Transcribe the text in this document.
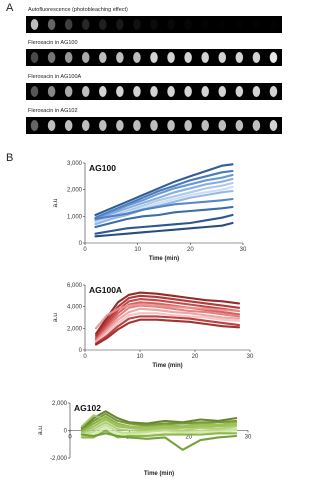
A
B
Autofluorescence (photobleaching effect)
Fleroxacin in AG100
Fleroxacin in AG100A
Fleroxacin in AG102
0
1,000
2,000
3,000
0	10	20	30
AG100
Time (min)
a.u
0
2,000
4,000
6,000
0	10	20	30
AG100A
Time (min)
a.u
-2,000
0
2,000
0	10	20	30
AG102
Time (min)
a.u
